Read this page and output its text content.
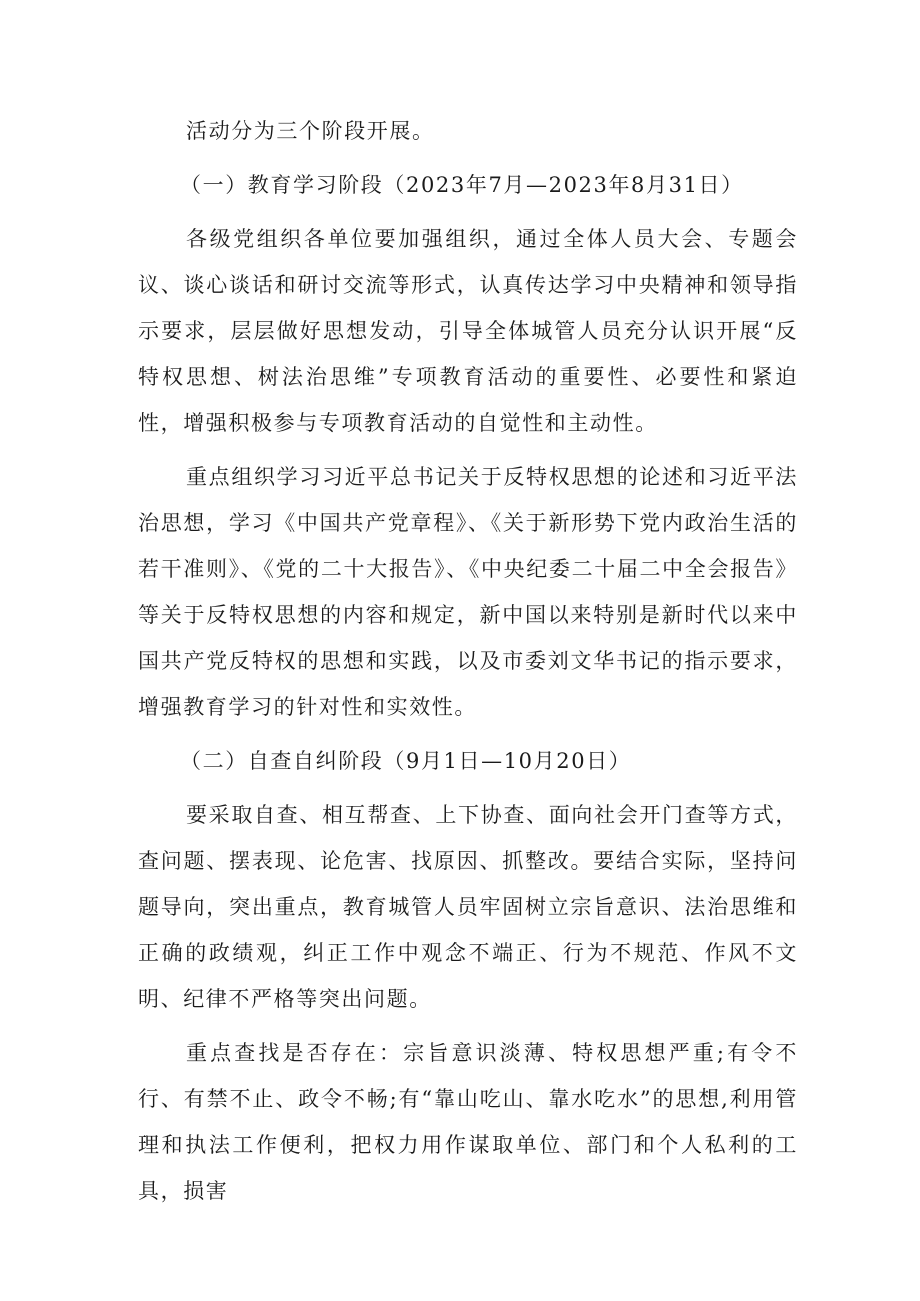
活动分为三个阶段开展。

（一）教育学习阶段（2023年7月—2023年8月31日）

各级党组织各单位要加强组织，通过全体人员大会、专题会议、谈心谈话和研讨交流等形式，认真传达学习中央精神和领导指示要求，层层做好思想发动，引导全体城管人员充分认识开展“反特权思想、树法治思维”专项教育活动的重要性、必要性和紧迫性，增强积极参与专项教育活动的自觉性和主动性。

重点组织学习习近平总书记关于反特权思想的论述和习近平法治思想，学习《中国共产党章程》、《关于新形势下党内政治生活的若干准则》、《党的二十大报告》、《中央纪委二十届二中全会报告》等关于反特权思想的内容和规定，新中国以来特别是新时代以来中国共产党反特权的思想和实践，以及市委刘文华书记的指示要求，增强教育学习的针对性和实效性。

（二）自查自纠阶段（9月1日—10月20日）

要采取自查、相互帮查、上下协查、面向社会开门查等方式，查问题、摆表现、论危害、找原因、抓整改。要结合实际，坚持问题导向，突出重点，教育城管人员牢固树立宗旨意识、法治思维和正确的政绩观，纠正工作中观念不端正、行为不规范、作风不文明、纪律不严格等突出问题。

重点查找是否存在：宗旨意识淡薄、特权思想严重;有令不行、有禁不止、政令不畅;有“靠山吃山、靠水吃水”的思想,利用管理和执法工作便利，把权力用作谋取单位、部门和个人私利的工具，损害
